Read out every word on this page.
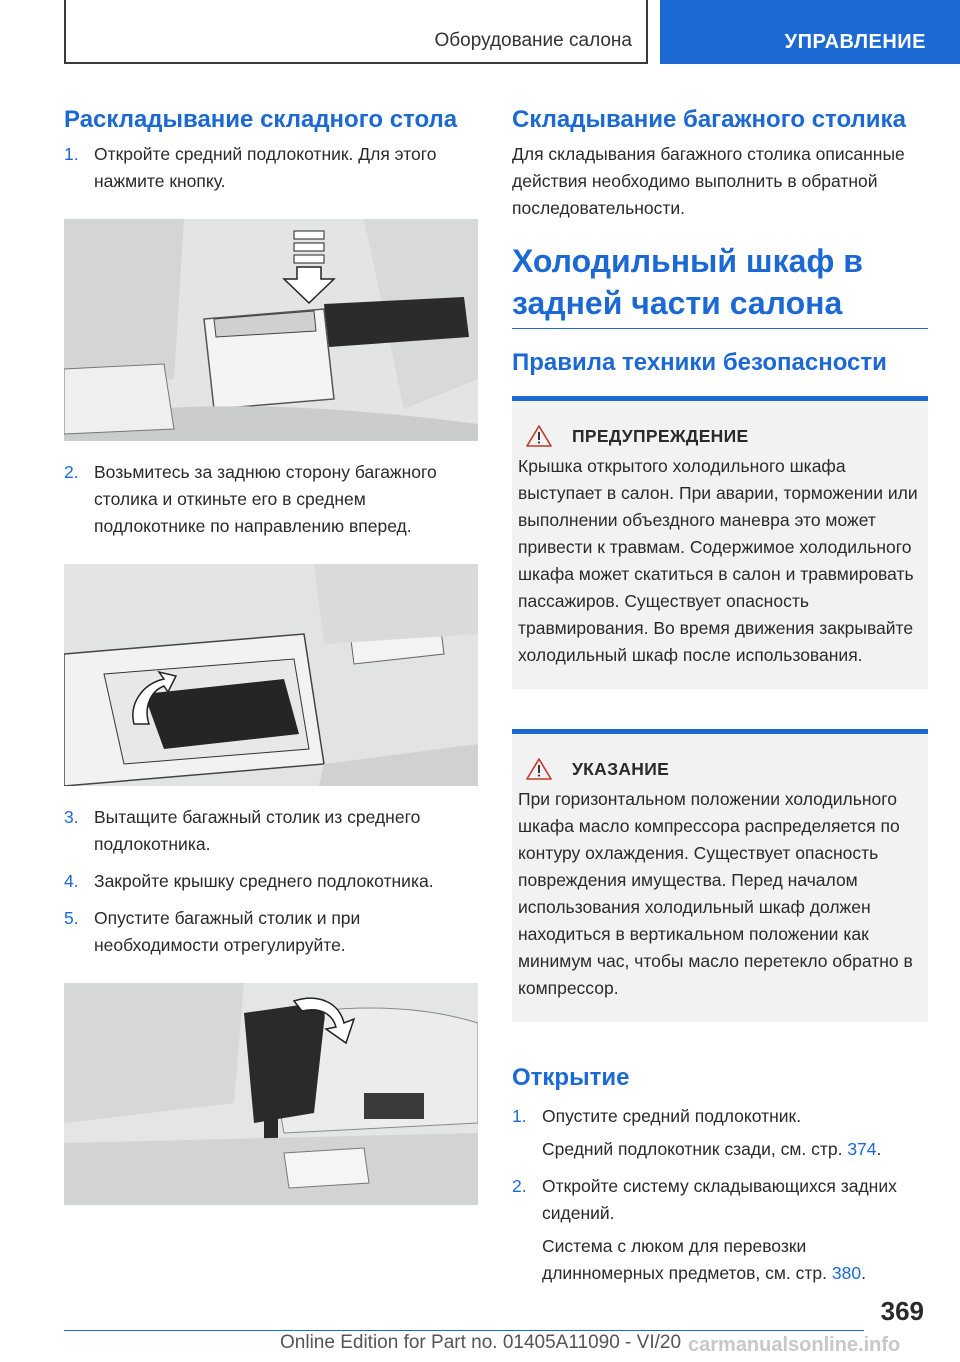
Оборудование салона	УПРАВЛЕНИЕ
Раскладывание складного стола
1. Откройте средний подлокотник. Для этого нажмите кнопку.

2. Возьмитесь за заднюю сторону багажного столика и откиньте его в среднем подлокотнике по направлению вперед.

3. Вытащите багажный столик из среднего подлокотника.

4. Закройте крышку среднего подлокотника.

5. Опустите багажный столик и при необходимости отрегулируйте.

Складывание багажного столика

Для складывания багажного столика описанные действия необходимо выполнить в обратной последовательности.

Холодильный шкаф в задней части салона
Правила техники безопасности
ПРЕДУПРЕЖДЕНИЕ

Крышка открытого холодильного шкафа выступает в салон. При аварии, торможении или выполнении объездного маневра это может привести к травмам. Содержимое холодильного шкафа может скатиться в салон и травмировать пассажиров. Существует опасность травмирования. Во время движения закрывайте холодильный шкаф после использования.

УКАЗАНИЕ

При горизонтальном положении холодильного шкафа масло компрессора распределяется по контуру охлаждения. Существует опасность повреждения имущества. Перед началом использования холодильный шкаф должен находиться в вертикальном положении как минимум час, чтобы масло перетекло обратно в компрессор.

Открытие
1. Опустите средний подлокотник.

Средний подлокотник сзади, см. стр. 374.

2. Откройте систему складывающихся задних сидений.

Система с люком для перевозки длинномерных предметов, см. стр. 380.

369
Online Edition for Part no. 01405A11090 - VI/20 carmanualsonline.info
